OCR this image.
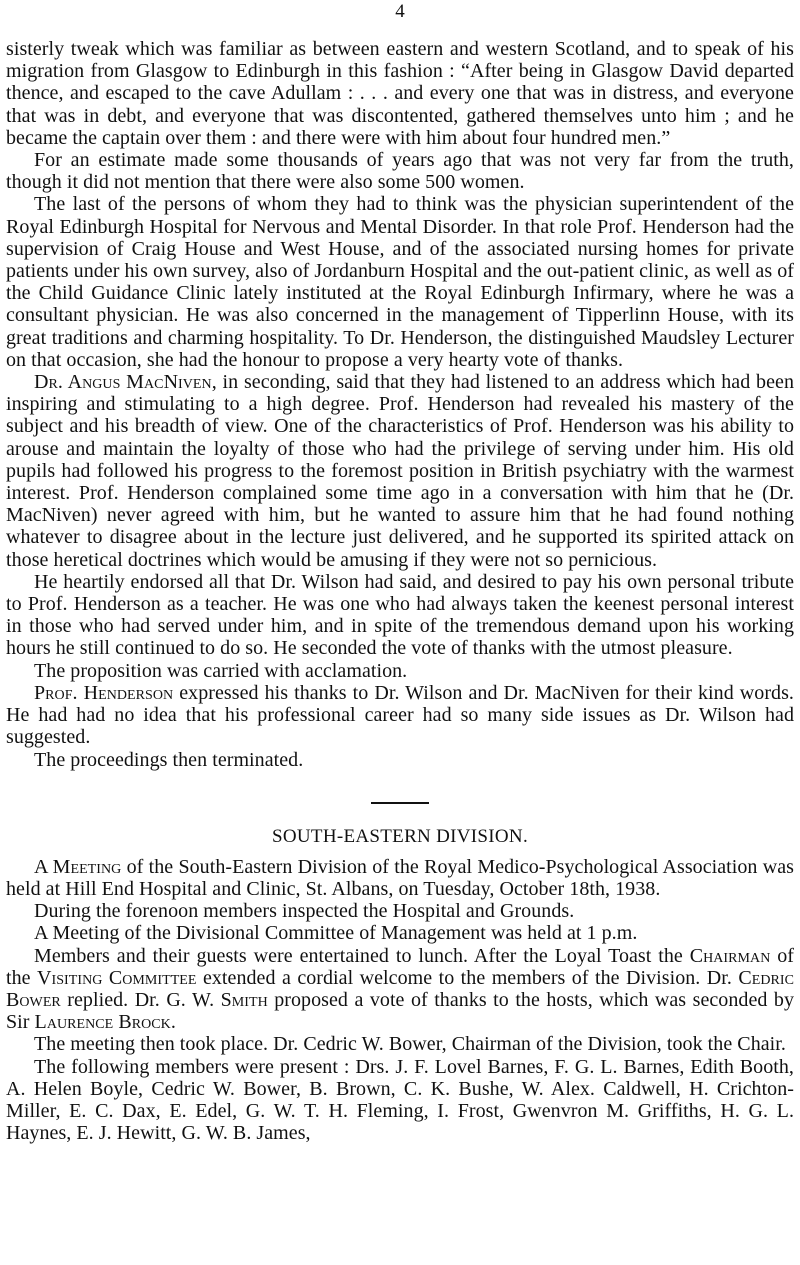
4

sisterly tweak which was familiar as between eastern and western Scotland, and to speak of his migration from Glasgow to Edinburgh in this fashion : “After being in Glasgow David departed thence, and escaped to the cave Adullam : . . . and every one that was in distress, and everyone that was in debt, and everyone that was discontented, gathered themselves unto him ; and he became the captain over them : and there were with him about four hundred men.”

For an estimate made some thousands of years ago that was not very far from the truth, though it did not mention that there were also some 500 women.

The last of the persons of whom they had to think was the physician superintendent of the Royal Edinburgh Hospital for Nervous and Mental Disorder. In that role Prof. Henderson had the supervision of Craig House and West House, and of the associated nursing homes for private patients under his own survey, also of Jordanburn Hospital and the out-patient clinic, as well as of the Child Guidance Clinic lately instituted at the Royal Edinburgh Infirmary, where he was a consultant physician. He was also concerned in the management of Tipperlinn House, with its great traditions and charming hospitality. To Dr. Henderson, the distinguished Maudsley Lecturer on that occasion, she had the honour to propose a very hearty vote of thanks.

Dr. Angus MacNiven, in seconding, said that they had listened to an address which had been inspiring and stimulating to a high degree. Prof. Henderson had revealed his mastery of the subject and his breadth of view. One of the characteristics of Prof. Henderson was his ability to arouse and maintain the loyalty of those who had the privilege of serving under him. His old pupils had followed his progress to the foremost position in British psychiatry with the warmest interest. Prof. Henderson complained some time ago in a conversation with him that he (Dr. MacNiven) never agreed with him, but he wanted to assure him that he had found nothing whatever to disagree about in the lecture just delivered, and he supported its spirited attack on those heretical doctrines which would be amusing if they were not so pernicious.

He heartily endorsed all that Dr. Wilson had said, and desired to pay his own personal tribute to Prof. Henderson as a teacher. He was one who had always taken the keenest personal interest in those who had served under him, and in spite of the tremendous demand upon his working hours he still continued to do so. He seconded the vote of thanks with the utmost pleasure.

The proposition was carried with acclamation.

Prof. Henderson expressed his thanks to Dr. Wilson and Dr. MacNiven for their kind words. He had had no idea that his professional career had so many side issues as Dr. Wilson had suggested.

The proceedings then terminated.

SOUTH-EASTERN DIVISION.

A Meeting of the South-Eastern Division of the Royal Medico-Psychological Association was held at Hill End Hospital and Clinic, St. Albans, on Tuesday, October 18th, 1938.

During the forenoon members inspected the Hospital and Grounds.

A Meeting of the Divisional Committee of Management was held at 1 p.m.

Members and their guests were entertained to lunch. After the Loyal Toast the Chairman of the Visiting Committee extended a cordial welcome to the members of the Division. Dr. Cedric Bower replied. Dr. G. W. Smith proposed a vote of thanks to the hosts, which was seconded by Sir Laurence Brock.

The meeting then took place. Dr. Cedric W. Bower, Chairman of the Division, took the Chair.

The following members were present : Drs. J. F. Lovel Barnes, F. G. L. Barnes, Edith Booth, A. Helen Boyle, Cedric W. Bower, B. Brown, C. K. Bushe, W. Alex. Caldwell, H. Crichton-Miller, E. C. Dax, E. Edel, G. W. T. H. Fleming, I. Frost, Gwenvron M. Griffiths, H. G. L. Haynes, E. J. Hewitt, G. W. B. James,
